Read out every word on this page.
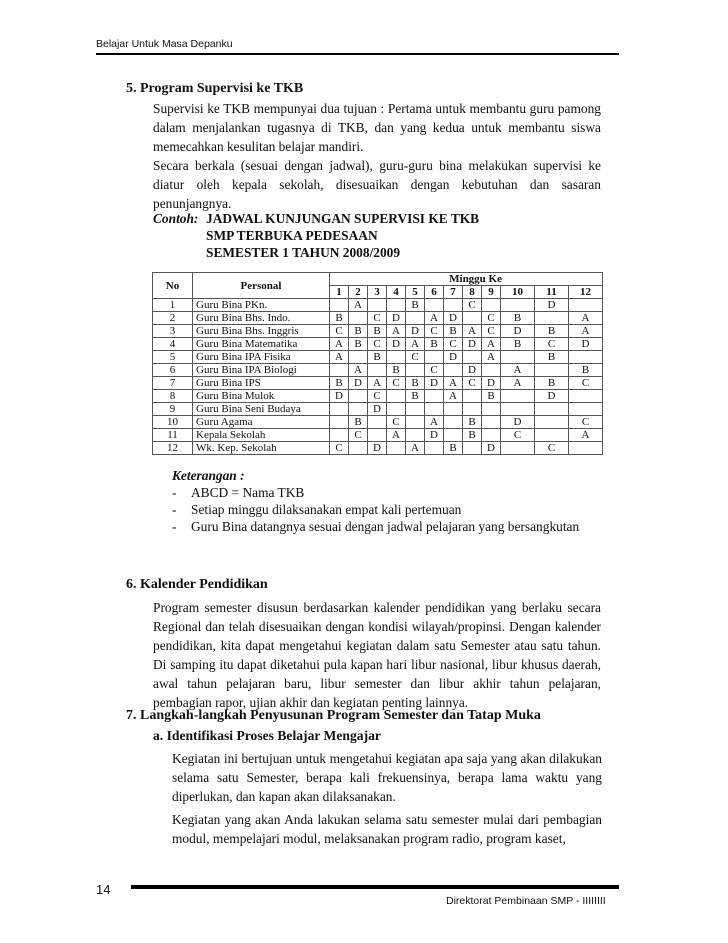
Belajar Untuk Masa Depanku
5. Program Supervisi ke TKB

Supervisi ke TKB mempunyai dua tujuan : Pertama untuk membantu guru pamong dalam menjalankan tugasnya di TKB, dan yang kedua untuk membantu siswa memecahkan kesulitan belajar mandiri.

Secara berkala (sesuai dengan jadwal), guru-guru bina melakukan supervisi ke diatur oleh kepala sekolah, disesuaikan dengan kebutuhan dan sasaran penunjangnya.

Contoh: JADWAL KUNJUNGAN SUPERVISI KE TKB
SMP TERBUKA PEDESAAN
SEMESTER 1 TAHUN 2008/2009
No	Personal	Minggu Ke											
		1	2	3	4	5	6	7	8	9	10	11	12
1	Guru Bina PKn.		A			B			C			D	
2	Guru Bina Bhs. Indo.	B		C	D		A	D		C	B		A
3	Guru Bina Bhs. Inggris	C	B	B	A	D	C	B	A	C	D	B	A
4	Guru Bina Matematika	A	B	C	D	A	B	C	D	A	B	C	D
5	Guru Bina IPA Fisika	A		B		C		D		A		B	
6	Guru Bina IPA Biologi		A		B		C		D		A		B
7	Guru Bina IPS	B	D	A	C	B	D	A	C	D	A	B	C
8	Guru Bina Mulok	D		C		B		A		B		D	
9	Guru Bina Seni Budaya			D									
10	Guru Agama		B		C		A		B		D		C
11	Kepala Sekolah		C		A		D		B		C		A
12	Wk. Kep. Sekolah	C		D		A		B		D		C	
Keterangan :
- ABCD = Nama TKB
- Setiap minggu dilaksanakan empat kali pertemuan
- Guru Bina datangnya sesuai dengan jadwal pelajaran yang bersangkutan
6. Kalender Pendidikan

Program semester disusun berdasarkan kalender pendidikan yang berlaku secara Regional dan telah disesuaikan dengan kondisi wilayah/propinsi. Dengan kalender pendidikan, kita dapat mengetahui kegiatan dalam satu Semester atau satu tahun. Di samping itu dapat diketahui pula kapan hari libur nasional, libur khusus daerah, awal tahun pelajaran baru, libur semester dan libur akhir tahun pelajaran, pembagian rapor, ujian akhir dan kegiatan penting lainnya.

7. Langkah-langkah Penyusunan Program Semester dan Tatap Muka
a. Identifikasi Proses Belajar Mengajar

Kegiatan ini bertujuan untuk mengetahui kegiatan apa saja yang akan dilakukan selama satu Semester, berapa kali frekuensinya, berapa lama waktu yang diperlukan, dan kapan akan dilaksanakan.

Kegiatan yang akan Anda lakukan selama satu semester mulai dari pembagian modul, mempelajari modul, melaksanakan program radio, program kaset,

14
Direktorat Pembinaan SMP - IIIIIIII
